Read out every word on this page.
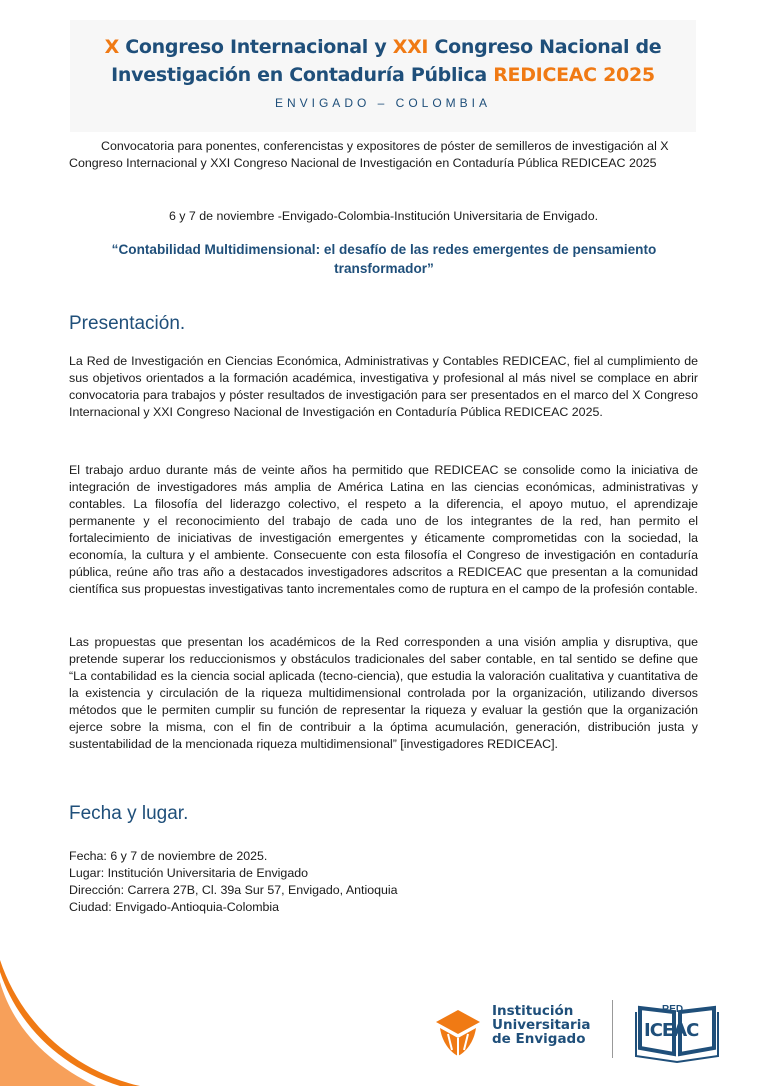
X Congreso Internacional y XXI Congreso Nacional de
Investigación en Contaduría Pública REDICEAC 2025
ENVIGADO – COLOMBIA
Convocatoria para ponentes, conferencistas y expositores de póster de semilleros de investigación al X Congreso Internacional y XXI Congreso Nacional de Investigación en Contaduría Pública REDICEAC 2025
6 y 7 de noviembre -Envigado-Colombia-Institución Universitaria de Envigado.
“Contabilidad Multidimensional: el desafío de las redes emergentes de pensamiento transformador”
Presentación.
La Red de Investigación en Ciencias Económica, Administrativas y Contables REDICEAC, fiel al cumplimiento de sus objetivos orientados a la formación académica, investigativa y profesional al más nivel se complace en abrir convocatoria para trabajos y póster resultados de investigación para ser presentados en el marco del X Congreso Internacional y XXI Congreso Nacional de Investigación en Contaduría Pública REDICEAC 2025.
El trabajo arduo durante más de veinte años ha permitido que REDICEAC se consolide como la iniciativa de integración de investigadores más amplia de América Latina en las ciencias económicas, administrativas y contables. La filosofía del liderazgo colectivo, el respeto a la diferencia, el apoyo mutuo, el aprendizaje permanente y el reconocimiento del trabajo de cada uno de los integrantes de la red, han permito el fortalecimiento de iniciativas de investigación emergentes y éticamente comprometidas con la sociedad, la economía, la cultura y el ambiente. Consecuente con esta filosofía el Congreso de investigación en contaduría pública, reúne año tras año a destacados investigadores adscritos a REDICEAC que presentan a la comunidad científica sus propuestas investigativas tanto incrementales como de ruptura en el campo de la profesión contable.
Las propuestas que presentan los académicos de la Red corresponden a una visión amplia y disruptiva, que pretende superar los reduccionismos y obstáculos tradicionales del saber contable, en tal sentido se define que “La contabilidad es la ciencia social aplicada (tecno-ciencia), que estudia la valoración cualitativa y cuantitativa de la existencia y circulación de la riqueza multidimensional controlada por la organización, utilizando diversos métodos que le permiten cumplir su función de representar la riqueza y evaluar la gestión que la organización ejerce sobre la misma, con el fin de contribuir a la óptima acumulación, generación, distribución justa y sustentabilidad de la mencionada riqueza multidimensional” [investigadores REDICEAC].
Fecha y lugar.
Fecha: 6 y 7 de noviembre de 2025.
Lugar: Institución Universitaria de Envigado
Dirección: Carrera 27B, Cl. 39a Sur 57, Envigado, Antioquia
Ciudad: Envigado-Antioquia-Colombia
Institución
Universitaria
de Envigado
RED
ICEAC
